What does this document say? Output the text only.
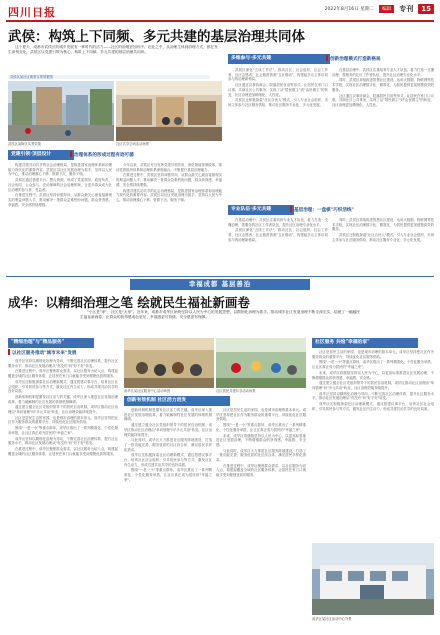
四川日报	2022年8月16日 星期二	编辑	专刊	15
武侯：构筑上下同频、多元共建的基层治理共同体

这个夏天，成都市武侯区的城乡发展有一种时代的活力——社区的治理更加有序。在此之中，从治理主体到治理方式，都在发生深刻变化，武侯区以党建引领为核心，构筑上下同频、多元共建的基层治理共同体。

武侯区某社区街景实景效果图
武侯区某街区实景效果	社区共享空间活动场景
多维参与·多元共建	创新治理模式打造新格局

武侯区深化"五线工作法"，推动社区、社会组织、社会工作者、社区志愿者、社会慈善资源"五社联动"，构建起多元主体协同参与的治理新格局。

社区通过议事协商会、院落居民自治等形式，让居民在家门口议事，共商社区公共事务，实现了从"替民做主"到"由民做主"的转变，社区治理更加精细化、人性化。

武侯区还积极探索"社区合伙人"模式，引入专业社会组织、市场主体参与社区服务供给，推动社区服务专业化、多元化发展。

在基层治理中，武侯区注重培育专业人才队伍，着力打造一支懂治理、善服务的社区工作者队伍，提升社区治理专业化水平。

同时，武侯区持续推进智慧社区建设，运用大数据、物联网等技术手段，实现社区治理数字化、精准化，为居民提供更加便捷高效的服务。

社区通过议事协商会、院落居民自治等形式，让居民在家门口议事，共商社区公共事务，实现了从"替民做主"到"由民做主"的转变，社区治理更加精细化、人性化。

党建引领·顶层设计	治理体系的形成过程有迹可循

构建共建共治共享的社会治理格局，是推进国家治理体系和治理能力现代化的重要内容。武侯区以社区发展治理为抓手，坚持以人民为中心，推动治理重心下移、资源下沉、服务下倾。

武侯区通过搭建平台、整合资源，形成了党委领导、政府负责、社会协同、公众参与、法治保障的社会治理体制，让更多群众成为社区治理的参与者、受益者。

在推进过程中，武侯区坚持问题导向，从群众最关心最直接最现实的利益问题入手，推动解决一批群众急难愁盼问题，群众获得感、幸福感、安全感持续增强。

今年以来，武侯区充分发挥党建引领作用，深化街道体制改革，推动党的组织体系和治理体系深度融合，不断提升基层治理能力。

在推进过程中，武侯区坚持问题导向，从群众最关心最直接最现实的利益问题入手，推动解决一批群众急难愁盼问题，群众获得感、幸福感、安全感持续增强。

构建共建共治共享的社会治理格局，是推进国家治理体系和治理能力现代化的重要内容。武侯区以社区发展治理为抓手，坚持以人民为中心，推动治理重心下移、资源下沉、服务下倾。

专业队伍·多元共建	基层治理：一盘棋"巧织活线"

在基层治理中，武侯区注重培育专业人才队伍，着力打造一支懂治理、善服务的社区工作者队伍，提升社区治理专业化水平。

武侯区深化"五线工作法"，推动社区、社会组织、社会工作者、社区志愿者、社会慈善资源"五社联动"，构建起多元主体协同参与的治理新格局。

同时，武侯区持续推进智慧社区建设，运用大数据、物联网等技术手段，实现社区治理数字化、精准化，为居民提供更加便捷高效的服务。

武侯区还积极探索"社区合伙人"模式，引入专业社会组织、市场主体参与社区服务供给，推动社区服务专业化、多元化发展。

幸福成都 基层善治
成华：以精细治理之笔 绘就民生福祉新画卷

"小区是"家"，社区是"大家"。近年来，成都市成华区始终坚持以人民为中心的发展思想，以精细化治理为抓手，推动城乡社区发展治理不断走深走实，绘就了一幅幅民生福祉新画卷，让群众的获得感成色更足、幸福感更可持续、安全感更有保障。

"精细治理"与"精品服务"
以社区服务推动"城市未来"发展

成华区坚持以精细化治理为导向，不断完善社区治理体系，提升社区服务水平，推动社区发展治理从"有没有"向"好不好"转变。

在推进过程中，成华区聚焦群众需求，以社区服务为切入点，构建起覆盖全域的社区服务体系，让居民在家门口就能享受到便捷优质的服务。

成华区还积极探索社区治理新模式，通过搭建议事平台、培育社区社会组织、引导居民参与等方式，激发社区内生动力，形成共建共治共享的良好局面。

创新体制机制是激发社区活力的关键。成华区深入推进社区发展治理改革，着力破解制约社区发展的体制机制障碍。

通过建立健全社区党组织领导下的居民自治机制，成华区推动社区治理由"单向管理"向"多元共治"转变，社区治理效能持续提升。

社区是居民生活的家园，也是城市治理的基本单元。成华区坚持把社区作为服务群众的重要平台，持续优化社区服务供给。

围绕"一老一小"等重点群体，成华区推出了一系列精准化、个性化服务举措，让社区真正成为居民的"幸福之家"。

成华区坚持以精细化治理为导向，不断完善社区治理体系，提升社区服务水平，推动社区发展治理从"有没有"向"好不好"转变。

在推进过程中，成华区聚焦群众需求，以社区服务为切入点，构建起覆盖全域的社区服务体系，让居民在家门口就能享受到便捷优质的服务。

成华区某社区服务中心活动场景	社区居民共建共享活动场景
创新有效机制 社区活力迸发

创新体制机制是激发社区活力的关键。成华区深入推进社区发展治理改革，着力破解制约社区发展的体制机制障碍。

通过建立健全社区党组织领导下的居民自治机制，成华区推动社区治理由"单向管理"向"多元共治"转变，社区治理效能持续提升。

与此同时，成华区大力推进社区服务阵地建设，打造了一批功能完善、服务优质的社区综合体，满足居民多样化需求。

成华区还积极探索社区治理新模式，通过搭建议事平台、培育社区社会组织、引导居民参与等方式，激发社区内生动力，形成共建共治共享的良好局面。

围绕"一老一小"等重点群体，成华区推出了一系列精准化、个性化服务举措，让社区真正成为居民的"幸福之家"。

社区是居民生活的家园，也是城市治理的基本单元。成华区坚持把社区作为服务群众的重要平台，持续优化社区服务供给。

围绕"一老一小"等重点群体，成华区推出了一系列精准化、个性化服务举措，让社区真正成为居民的"幸福之家"。

未来，成华区将继续坚持以人民为中心，以更高标准推进社区发展治理，不断增强群众的获得感、幸福感、安全感。

与此同时，成华区大力推进社区服务阵地建设，打造了一批功能完善、服务优质的社区综合体，满足居民多样化需求。

在推进过程中，成华区聚焦群众需求，以社区服务为切入点，构建起覆盖全域的社区服务体系，让居民在家门口就能享受到便捷优质的服务。

社区服务 共绘"幸福的家"

社区是居民生活的家园，也是城市治理的基本单元。成华区坚持把社区作为服务群众的重要平台，持续优化社区服务供给。

围绕"一老一小"等重点群体，成华区推出了一系列精准化、个性化服务举措，让社区真正成为居民的"幸福之家"。

未来，成华区将继续坚持以人民为中心，以更高标准推进社区发展治理，不断增强群众的获得感、幸福感、安全感。

通过建立健全社区党组织领导下的居民自治机制，成华区推动社区治理由"单向管理"向"多元共治"转变，社区治理效能持续提升。

成华区坚持以精细化治理为导向，不断完善社区治理体系，提升社区服务水平，推动社区发展治理从"有没有"向"好不好"转变。

成华区还积极探索社区治理新模式，通过搭建议事平台、培育社区社会组织、引导居民参与等方式，激发社区内生动力，形成共建共治共享的良好局面。

成华区某社区活动中心外景
